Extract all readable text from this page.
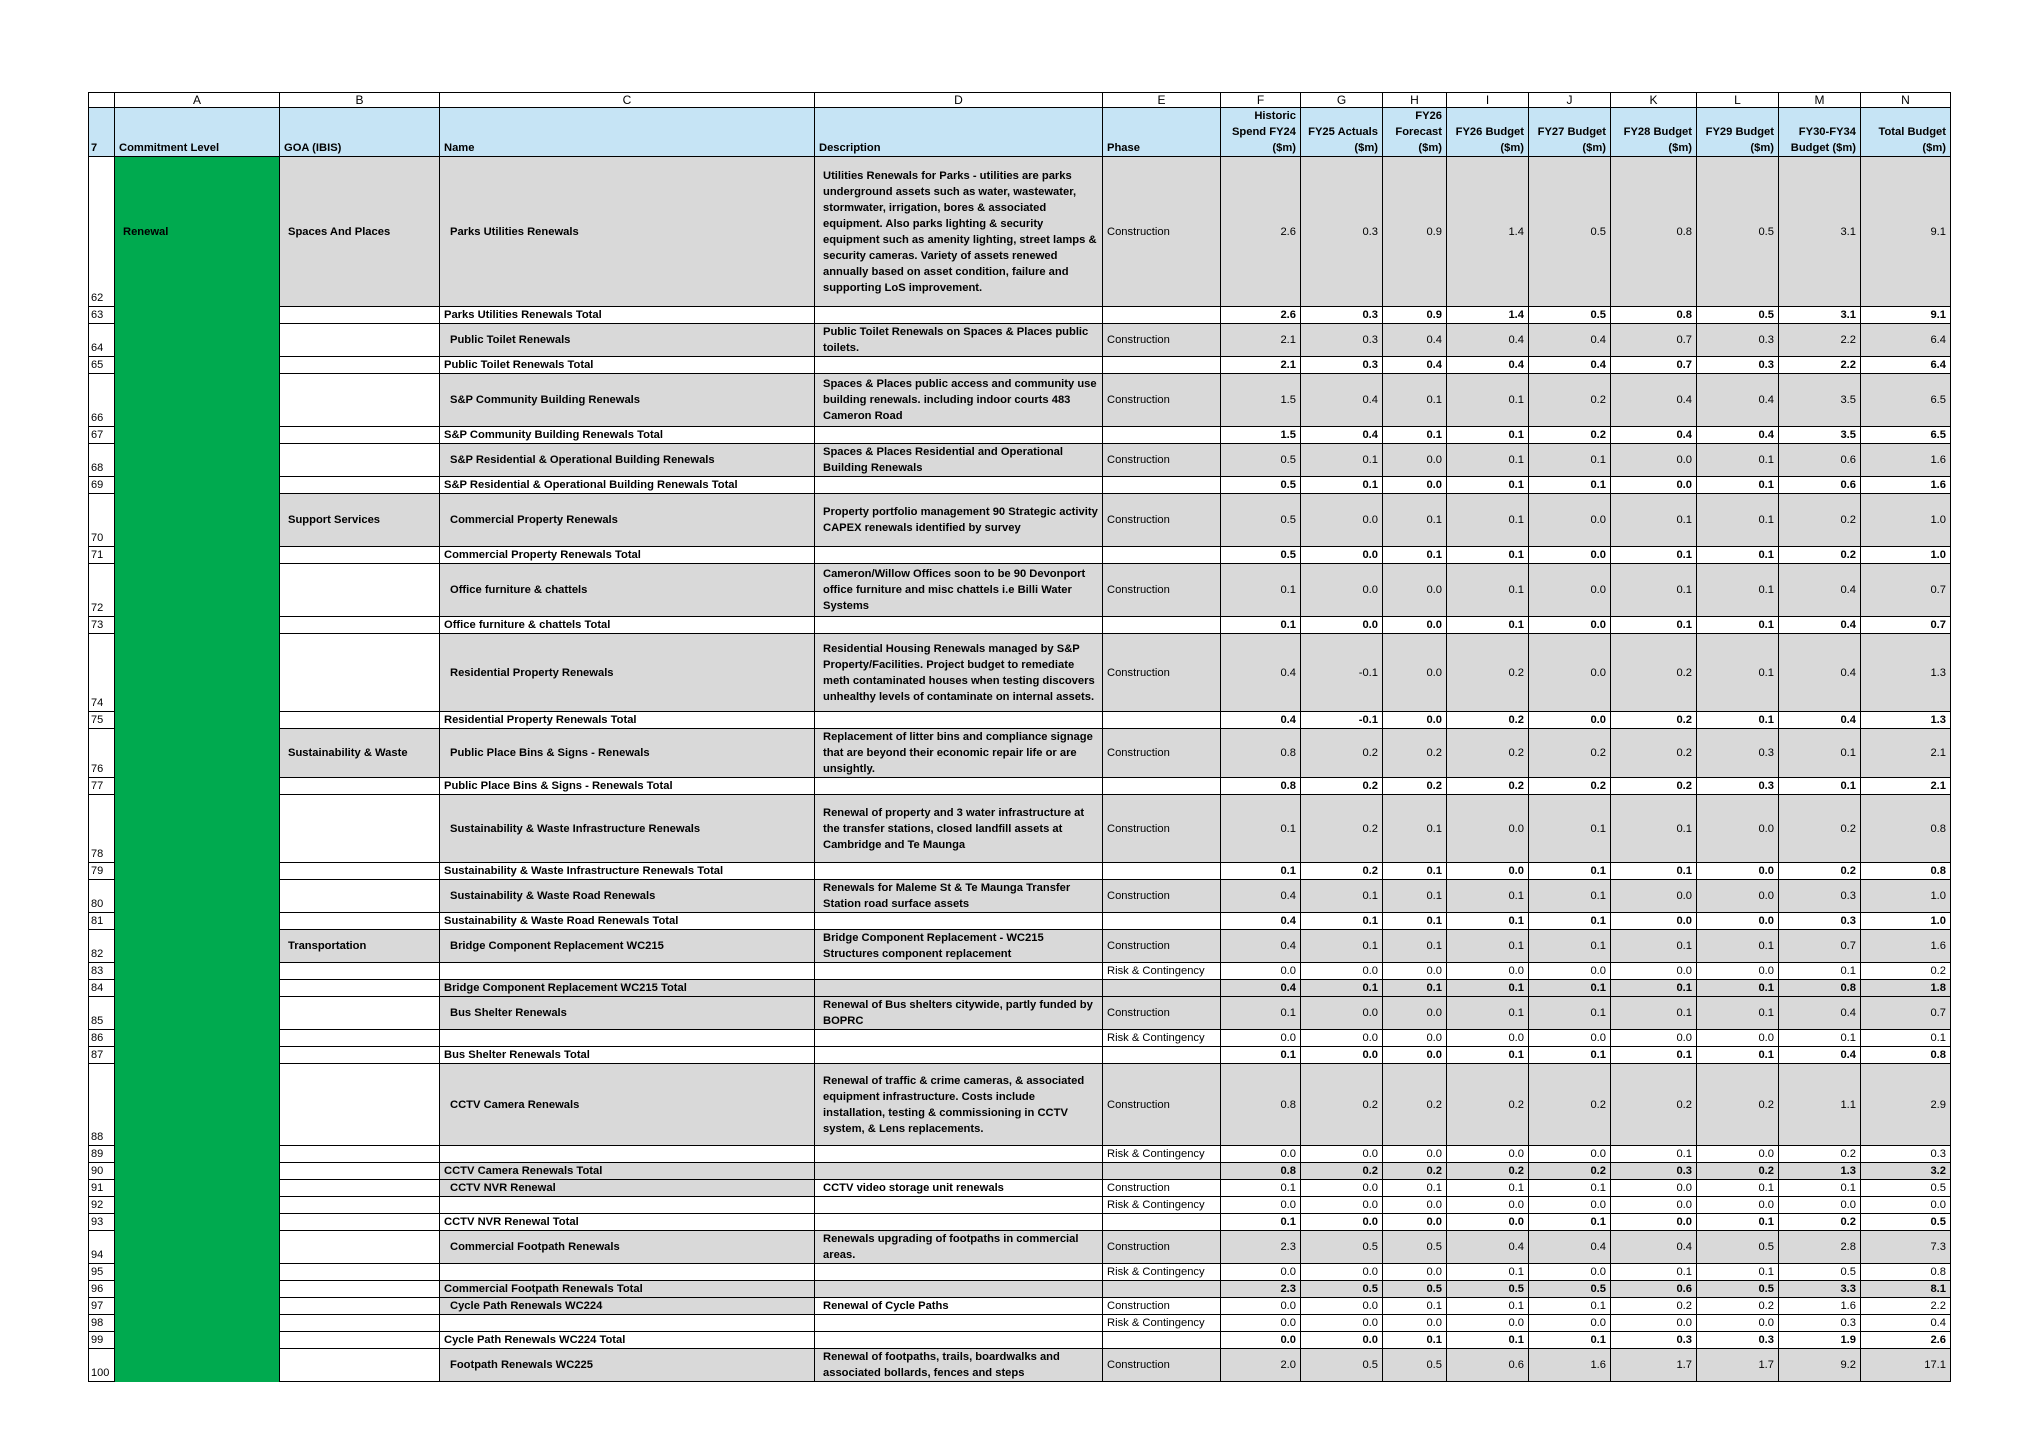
	A	B	C	D	E	F	G	H	I	J	K	L	M	N
7	Commitment Level	GOA (IBIS)	Name	Description	Phase	Historic Spend FY24 ($m)	FY25 Actuals ($m)	FY26 Forecast ($m)	FY26 Budget ($m)	FY27 Budget ($m)	FY28 Budget ($m)	FY29 Budget ($m)	FY30-FY34 Budget ($m)	Total Budget ($m)
62	Renewal	Spaces And Places	Parks Utilities Renewals	Utilities Renewals for Parks - utilities are parks underground assets such as water, wastewater, stormwater, irrigation, bores & associated equipment. Also parks lighting & security equipment such as amenity lighting, street lamps & security cameras. Variety of assets renewed annually based on asset condition, failure and supporting LoS improvement.	Construction	2.6	0.3	0.9	1.4	0.5	0.8	0.5	3.1	9.1
63			Parks Utilities Renewals Total			2.6	0.3	0.9	1.4	0.5	0.8	0.5	3.1	9.1
64			Public Toilet Renewals	Public Toilet Renewals on Spaces & Places public toilets.	Construction	2.1	0.3	0.4	0.4	0.4	0.7	0.3	2.2	6.4
65			Public Toilet Renewals Total			2.1	0.3	0.4	0.4	0.4	0.7	0.3	2.2	6.4
66			S&P Community Building Renewals	Spaces & Places public access and community use building renewals. including indoor courts 483 Cameron Road	Construction	1.5	0.4	0.1	0.1	0.2	0.4	0.4	3.5	6.5
67			S&P Community Building Renewals Total			1.5	0.4	0.1	0.1	0.2	0.4	0.4	3.5	6.5
68			S&P Residential & Operational Building Renewals	Spaces & Places Residential and Operational Building Renewals	Construction	0.5	0.1	0.0	0.1	0.1	0.0	0.1	0.6	1.6
69			S&P Residential & Operational Building Renewals Total			0.5	0.1	0.0	0.1	0.1	0.0	0.1	0.6	1.6
70		Support Services	Commercial Property Renewals	Property portfolio management 90 Strategic activity CAPEX renewals identified by survey	Construction	0.5	0.0	0.1	0.1	0.0	0.1	0.1	0.2	1.0
71			Commercial Property Renewals Total			0.5	0.0	0.1	0.1	0.0	0.1	0.1	0.2	1.0
72			Office furniture & chattels	Cameron/Willow Offices soon to be 90 Devonport office furniture and misc chattels i.e Billi Water Systems	Construction	0.1	0.0	0.0	0.1	0.0	0.1	0.1	0.4	0.7
73			Office furniture & chattels Total			0.1	0.0	0.0	0.1	0.0	0.1	0.1	0.4	0.7
74			Residential Property Renewals	Residential Housing Renewals managed by S&P Property/Facilities. Project budget to remediate meth contaminated houses when testing discovers unhealthy levels of contaminate on internal assets.	Construction	0.4	-0.1	0.0	0.2	0.0	0.2	0.1	0.4	1.3
75			Residential Property Renewals Total			0.4	-0.1	0.0	0.2	0.0	0.2	0.1	0.4	1.3
76		Sustainability & Waste	Public Place Bins & Signs - Renewals	Replacement of litter bins and compliance signage that are beyond their economic repair life or are unsightly.	Construction	0.8	0.2	0.2	0.2	0.2	0.2	0.3	0.1	2.1
77			Public Place Bins & Signs - Renewals Total			0.8	0.2	0.2	0.2	0.2	0.2	0.3	0.1	2.1
78			Sustainability & Waste Infrastructure Renewals	Renewal of property and 3 water infrastructure at the transfer stations, closed landfill assets at Cambridge and Te Maunga	Construction	0.1	0.2	0.1	0.0	0.1	0.1	0.0	0.2	0.8
79			Sustainability & Waste Infrastructure Renewals Total			0.1	0.2	0.1	0.0	0.1	0.1	0.0	0.2	0.8
80			Sustainability & Waste Road Renewals	Renewals for Maleme St & Te Maunga Transfer Station road surface assets	Construction	0.4	0.1	0.1	0.1	0.1	0.0	0.0	0.3	1.0
81			Sustainability & Waste Road Renewals Total			0.4	0.1	0.1	0.1	0.1	0.0	0.0	0.3	1.0
82		Transportation	Bridge Component Replacement WC215	Bridge Component Replacement - WC215 Structures component replacement	Construction	0.4	0.1	0.1	0.1	0.1	0.1	0.1	0.7	1.6
83					Risk & Contingency	0.0	0.0	0.0	0.0	0.0	0.0	0.0	0.1	0.2
84			Bridge Component Replacement WC215 Total			0.4	0.1	0.1	0.1	0.1	0.1	0.1	0.8	1.8
85			Bus Shelter Renewals	Renewal of Bus shelters citywide, partly funded by BOPRC	Construction	0.1	0.0	0.0	0.1	0.1	0.1	0.1	0.4	0.7
86					Risk & Contingency	0.0	0.0	0.0	0.0	0.0	0.0	0.0	0.1	0.1
87			Bus Shelter Renewals Total			0.1	0.0	0.0	0.1	0.1	0.1	0.1	0.4	0.8
88			CCTV Camera Renewals	Renewal of traffic & crime cameras, & associated equipment infrastructure. Costs include installation, testing & commissioning in CCTV system, & Lens replacements.	Construction	0.8	0.2	0.2	0.2	0.2	0.2	0.2	1.1	2.9
89					Risk & Contingency	0.0	0.0	0.0	0.0	0.0	0.1	0.0	0.2	0.3
90			CCTV Camera Renewals Total			0.8	0.2	0.2	0.2	0.2	0.3	0.2	1.3	3.2
91			CCTV NVR Renewal	CCTV video storage unit renewals	Construction	0.1	0.0	0.1	0.1	0.1	0.0	0.1	0.1	0.5
92					Risk & Contingency	0.0	0.0	0.0	0.0	0.0	0.0	0.0	0.0	0.0
93			CCTV NVR Renewal Total			0.1	0.0	0.0	0.0	0.1	0.0	0.1	0.2	0.5
94			Commercial Footpath Renewals	Renewals upgrading of footpaths in commercial areas.	Construction	2.3	0.5	0.5	0.4	0.4	0.4	0.5	2.8	7.3
95					Risk & Contingency	0.0	0.0	0.0	0.1	0.0	0.1	0.1	0.5	0.8
96			Commercial Footpath Renewals Total			2.3	0.5	0.5	0.5	0.5	0.6	0.5	3.3	8.1
97			Cycle Path Renewals WC224	Renewal of Cycle Paths	Construction	0.0	0.0	0.1	0.1	0.1	0.2	0.2	1.6	2.2
98					Risk & Contingency	0.0	0.0	0.0	0.0	0.0	0.0	0.0	0.3	0.4
99			Cycle Path Renewals WC224 Total			0.0	0.0	0.1	0.1	0.1	0.3	0.3	1.9	2.6
100			Footpath Renewals WC225	Renewal of footpaths, trails, boardwalks and associated bollards, fences and steps	Construction	2.0	0.5	0.5	0.6	1.6	1.7	1.7	9.2	17.1
